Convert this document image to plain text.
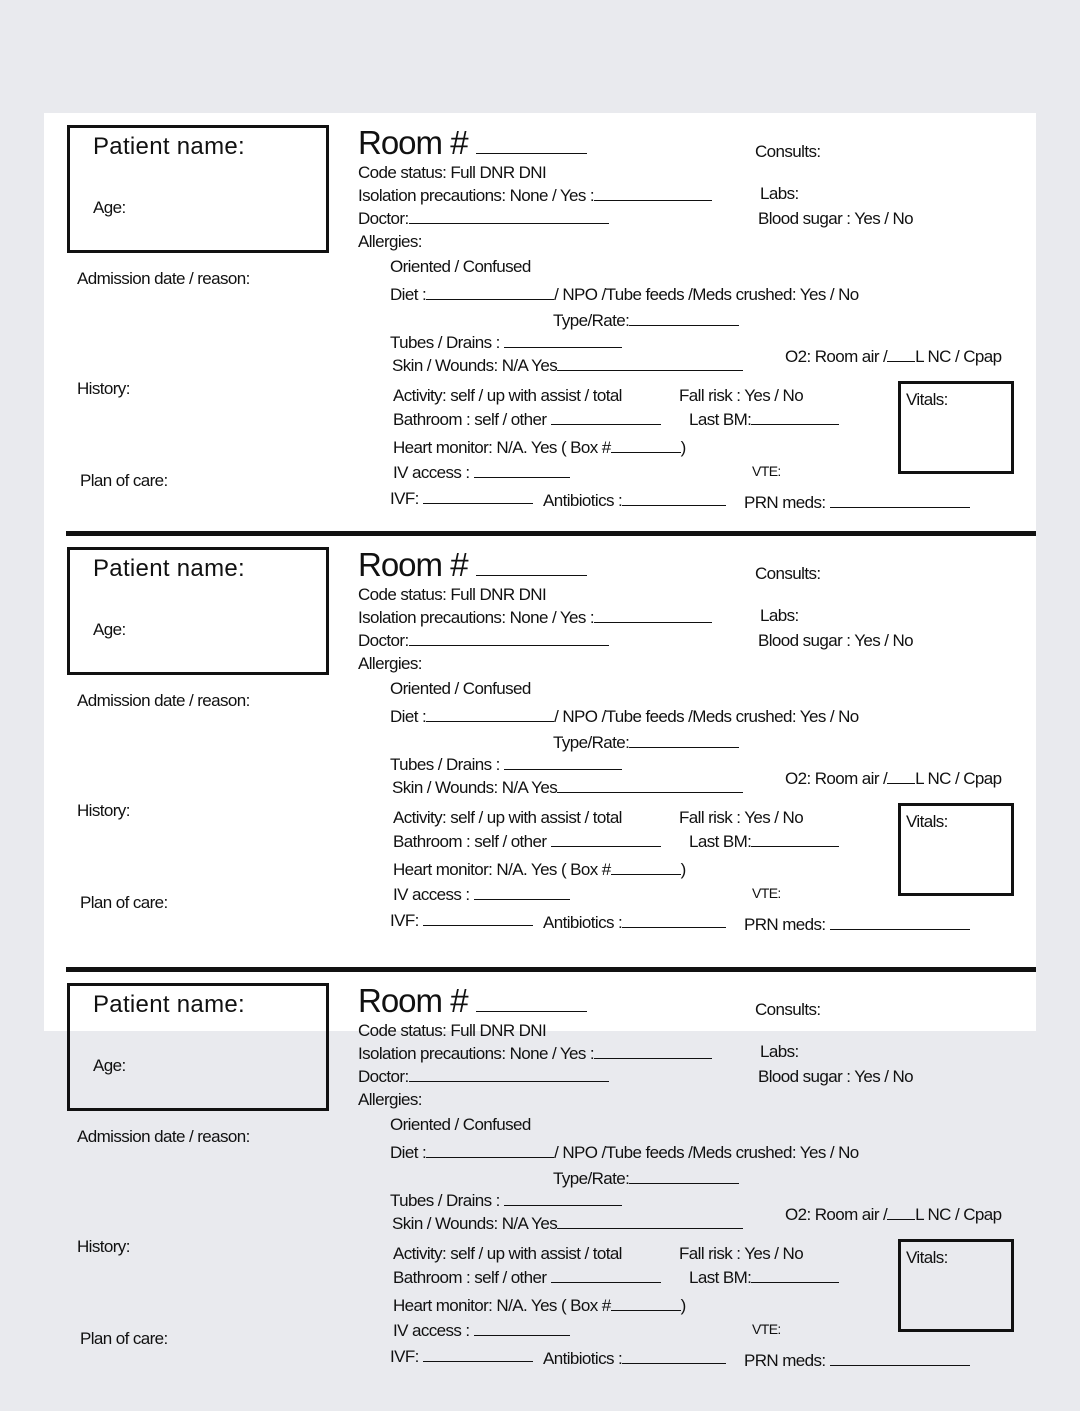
Patient name:
Age:
Admission date / reason:
History:
Plan of care:
Room #
Code status: Full DNR DNI
Isolation precautions: None / Yes :
Doctor:
Allergies:
Consults:
Labs:
Blood sugar : Yes / No
Oriented / Confused
Diet :	/ NPO /Tube feeds /Meds crushed: Yes / No
Type/Rate:
Tubes / Drains :
Skin / Wounds: N/A Yes	O2: Room air / L NC / Cpap
Activity: self / up with assist / total	Fall risk : Yes / No
Bathroom : self / other	Last BM:
Heart monitor: N/A. Yes ( Box #	)
IV access :	VTE:
IVF:	Antibiotics :	PRN meds:
Vitals:
Patient name:
Age:
Admission date / reason:
History:
Plan of care:
Room #
Code status: Full DNR DNI
Isolation precautions: None / Yes :
Doctor:
Allergies:
Consults:
Labs:
Blood sugar : Yes / No
Oriented / Confused
Diet :	/ NPO /Tube feeds /Meds crushed: Yes / No
Type/Rate:
Tubes / Drains :
Skin / Wounds: N/A Yes	O2: Room air / L NC / Cpap
Activity: self / up with assist / total	Fall risk : Yes / No
Bathroom : self / other	Last BM:
Heart monitor: N/A. Yes ( Box #	)
IV access :	VTE:
IVF:	Antibiotics :	PRN meds:
Vitals:
Patient name:
Age:
Admission date / reason:
History:
Plan of care:
Room #
Code status: Full DNR DNI
Isolation precautions: None / Yes :
Doctor:
Allergies:
Consults:
Labs:
Blood sugar : Yes / No
Oriented / Confused
Diet :	/ NPO /Tube feeds /Meds crushed: Yes / No
Type/Rate:
Tubes / Drains :
Skin / Wounds: N/A Yes	O2: Room air / L NC / Cpap
Activity: self / up with assist / total	Fall risk : Yes / No
Bathroom : self / other	Last BM:
Heart monitor: N/A. Yes ( Box #	)
IV access :	VTE:
IVF:	Antibiotics :	PRN meds:
Vitals:
